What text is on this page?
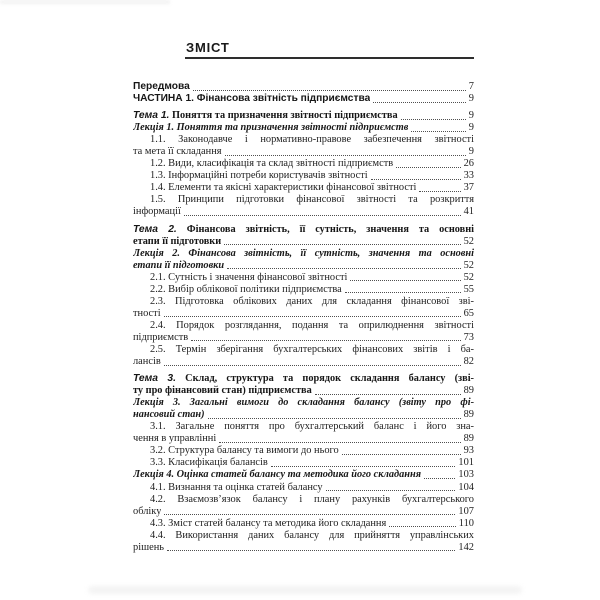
ЗМІСТ
Передмова	7
ЧАСТИНА 1. Фінансова звітність підприємства	9
Тема 1. Поняття та призначення звітності підприємства	9
Лекція 1. Поняття та призначення звітності підприємств	9
1.1. Законодавче і нормативно-правове забезпечення звітності
та мета її складання	9
1.2. Види, класифікація та склад звітності підприємств	26
1.3. Інформаційні потреби користувачів звітності	33
1.4. Елементи та якісні характеристики фінансової звітності	37
1.5. Принципи підготовки фінансової звітності та розкриття
інформації	41
Тема 2. Фінансова звітність, її сутність, значення та основні
етапи її підготовки	52
Лекція 2. Фінансова звітність, її сутність, значення та основні
етапи її підготовки	52
2.1. Сутність і значення фінансової звітності	52
2.2. Вибір облікової політики підприємства	55
2.3. Підготовка облікових даних для складання фінансової зві-
тності	65
2.4. Порядок розглядання, подання та оприлюднення звітності
підприємств	73
2.5. Термін зберігання бухгалтерських фінансових звітів і ба-
лансів	82
Тема 3. Склад, структура та порядок складання балансу (зві-
ту про фінансовий стан) підприємства	89
Лекція 3. Загальні вимоги до складання балансу (звіту про фі-
нансовий стан)	89
3.1. Загальне поняття про бухгалтерський баланс і його зна-
чення в управлінні	89
3.2. Структура балансу та вимоги до нього	93
3.3. Класифікація балансів	101
Лекція 4. Оцінка статей балансу та методика його складання	103
4.1. Визнання та оцінка статей балансу	104
4.2. Взаємозв’язок балансу і плану рахунків бухгалтерського
обліку	107
4.3. Зміст статей балансу та методика його складання	110
4.4. Використання даних балансу для прийняття управлінських
рішень	142
